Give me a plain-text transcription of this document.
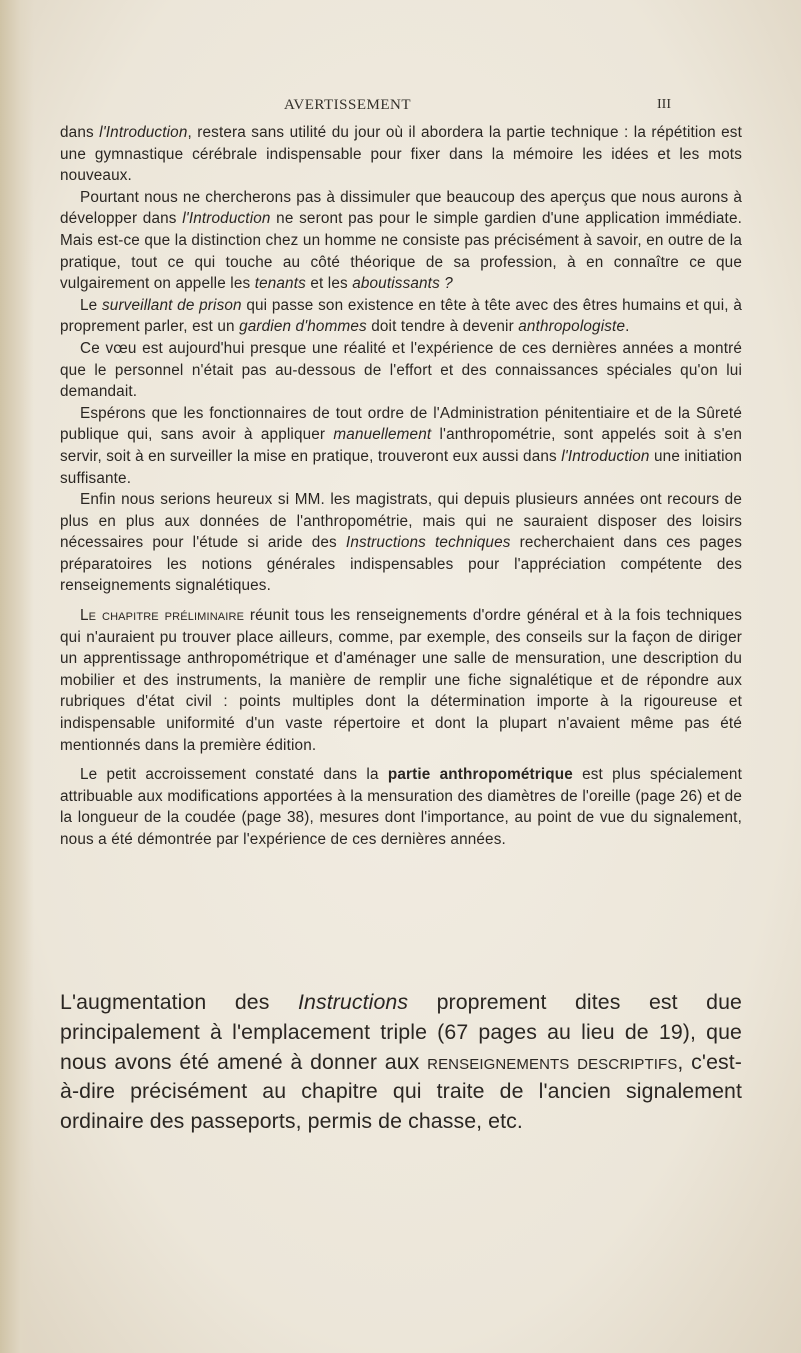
AVERTISSEMENT	III

dans l'Introduction, restera sans utilité du jour où il abordera la partie technique : la répétition est une gymnastique cérébrale indispensable pour fixer dans la mémoire les idées et les mots nouveaux.

Pourtant nous ne chercherons pas à dissimuler que beaucoup des aperçus que nous aurons à développer dans l'Introduction ne seront pas pour le simple gardien d'une application immédiate. Mais est-ce que la distinction chez un homme ne consiste pas précisément à savoir, en outre de la pratique, tout ce qui touche au côté théorique de sa profession, à en connaître ce que vulgairement on appelle les tenants et les aboutissants ?

Le surveillant de prison qui passe son existence en tête à tête avec des êtres humains et qui, à proprement parler, est un gardien d'hommes doit tendre à devenir anthropologiste.

Ce vœu est aujourd'hui presque une réalité et l'expérience de ces dernières années a montré que le personnel n'était pas au-dessous de l'effort et des connaissances spéciales qu'on lui demandait.

Espérons que les fonctionnaires de tout ordre de l'Administration pénitentiaire et de la Sûreté publique qui, sans avoir à appliquer manuellement l'anthropométrie, sont appelés soit à s'en servir, soit à en surveiller la mise en pratique, trouveront eux aussi dans l'Introduction une initiation suffisante.

Enfin nous serions heureux si MM. les magistrats, qui depuis plusieurs années ont recours de plus en plus aux données de l'anthropométrie, mais qui ne sauraient disposer des loisirs nécessaires pour l'étude si aride des Instructions techniques recherchaient dans ces pages préparatoires les notions générales indispensables pour l'appréciation compétente des renseignements signalétiques.

Le chapitre préliminaire réunit tous les renseignements d'ordre général et à la fois techniques qui n'auraient pu trouver place ailleurs, comme, par exemple, des conseils sur la façon de diriger un apprentissage anthropométrique et d'aménager une salle de mensuration, une description du mobilier et des instruments, la manière de remplir une fiche signalétique et de répondre aux rubriques d'état civil : points multiples dont la détermination importe à la rigoureuse et indispensable uniformité d'un vaste répertoire et dont la plupart n'avaient même pas été mentionnés dans la première édition.

Le petit accroissement constaté dans la partie anthropométrique est plus spécialement attribuable aux modifications apportées à la mensuration des diamètres de l'oreille (page 26) et de la longueur de la coudée (page 38), mesures dont l'importance, au point de vue du signalement, nous a été démontrée par l'expérience de ces dernières années.

L'augmentation des Instructions proprement dites est due principalement à l'emplacement triple (67 pages au lieu de 19), que nous avons été amené à donner aux renseignements descriptifs, c'est-à-dire précisément au chapitre qui traite de l'ancien signalement ordinaire des passeports, permis de chasse, etc.
